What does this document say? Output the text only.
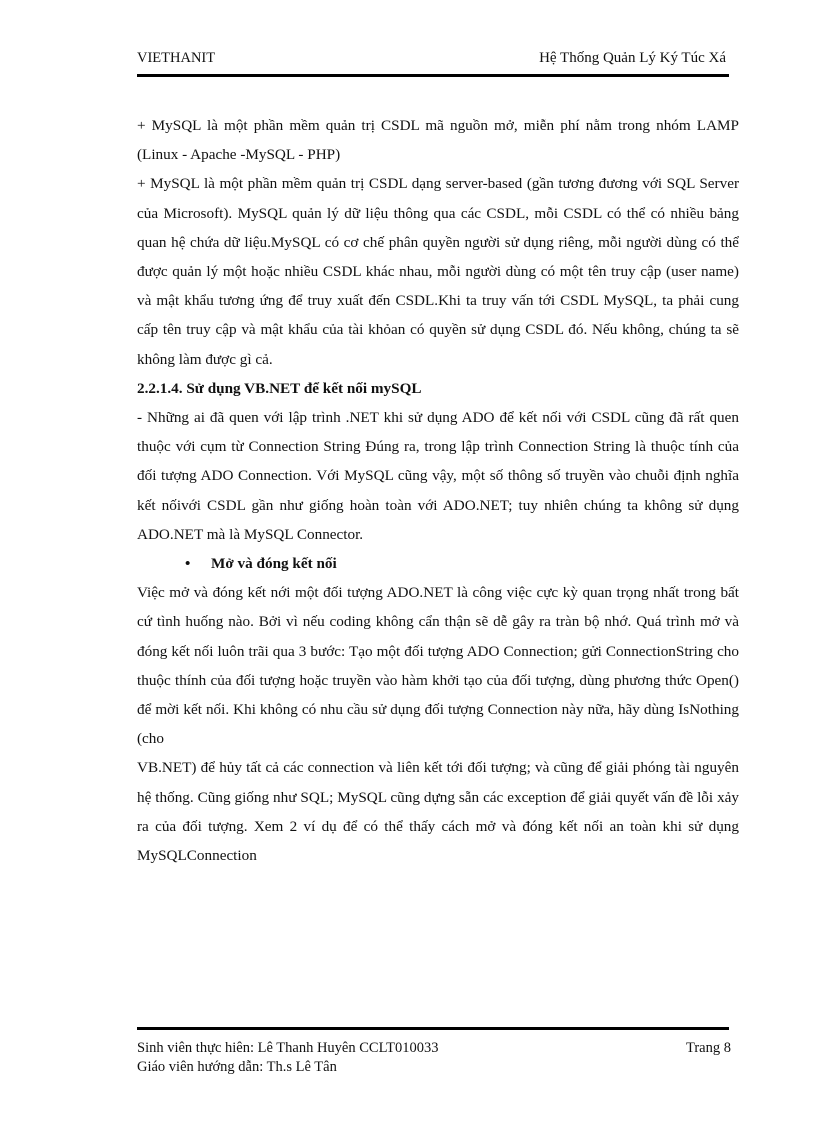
VIETHANIT	Hệ Thống Quản Lý Ký Túc Xá

+ MySQL là một phần mềm quản trị CSDL mã nguồn mở, miễn phí nằm trong nhóm LAMP (Linux - Apache -MySQL - PHP)

+ MySQL là một phần mềm quản trị CSDL dạng server-based (gần tương đương với SQL Server của Microsoft). MySQL quản lý dữ liệu thông qua các CSDL, mỗi CSDL có thể có nhiều bảng quan hệ chứa dữ liệu.MySQL có cơ chế phân quyền người sử dụng riêng, mỗi người dùng có thể được quản lý một hoặc nhiều CSDL khác nhau, mỗi người dùng có một tên truy cập (user name) và mật khẩu tương ứng để truy xuất đến CSDL.Khi ta truy vấn tới CSDL MySQL, ta phải cung cấp tên truy cập và mật khẩu của tài khỏan có quyền sử dụng CSDL đó. Nếu không, chúng ta sẽ không làm được gì cả.

2.2.1.4. Sử dụng VB.NET để kết nối mySQL

- Những ai đã quen với lập trình .NET khi sử dụng ADO để kết nối với CSDL cũng đã rất quen thuộc với cụm từ Connection String Đúng ra, trong lập trình Connection String là thuộc tính của đối tượng ADO Connection. Với MySQL cũng vậy, một số thông số truyền vào chuỗi định nghĩa kết nốivới CSDL gần như giống hoàn toàn với ADO.NET; tuy nhiên chúng ta không sử dụng ADO.NET mà là MySQL Connector.

• Mở và đóng kết nối

Việc mở và đóng kết nới một đối tượng ADO.NET là công việc cực kỳ quan trọng nhất trong bất cứ tình huống nào. Bởi vì nếu coding không cẩn thận sẽ dễ gây ra tràn bộ nhớ. Quá trình mở và đóng kết nối luôn trãi qua 3 bước: Tạo một đối tượng ADO Connection; gửi ConnectionString cho thuộc thính của đối tượng hoặc truyền vào hàm khởi tạo của đối tượng, dùng phương thức Open() để mời kết nối. Khi không có nhu cầu sử dụng đối tượng Connection này nữa, hãy dùng IsNothing (cho

VB.NET) để hủy tất cả các connection và liên kết tới đối tượng; và cũng để giải phóng tài nguyên hệ thống. Cũng giống như SQL; MySQL cũng dựng sẵn các exception để giải quyết vấn đề lỗi xảy ra của đối tượng. Xem 2 ví dụ để có thể thấy cách mở và đóng kết nối an toàn khi sử dụng MySQLConnection

Sinh viên thực hiên: Lê Thanh Huyên CCLT010033
Giáo viên hướng dẫn: Th.s Lê Tân
Trang 8
